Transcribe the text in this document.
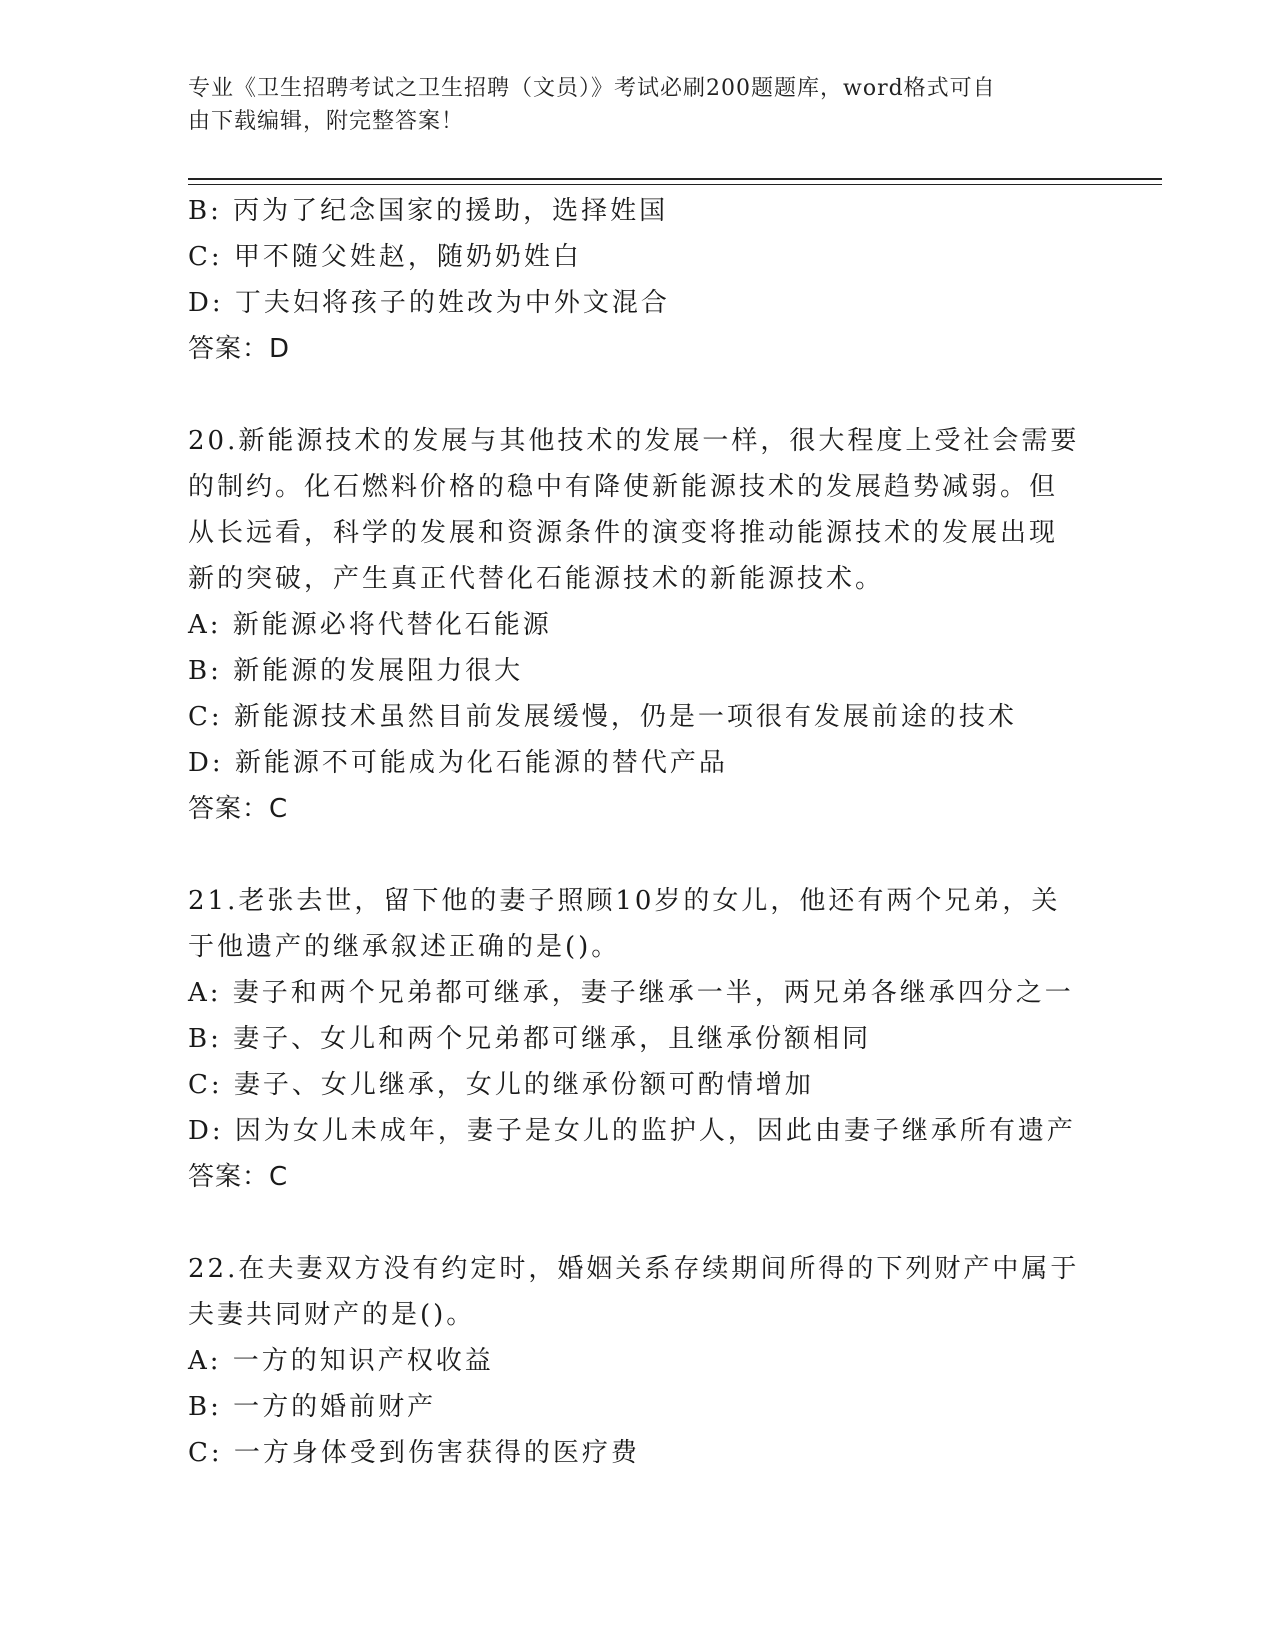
专业《卫生招聘考试之卫生招聘（文员）》考试必刷200题题库，word格式可自
由下载编辑，附完整答案！
B: 丙为了纪念国家的援助，选择姓国
C: 甲不随父姓赵，随奶奶姓白
D: 丁夫妇将孩子的姓改为中外文混合
答案：D
20.新能源技术的发展与其他技术的发展一样，很大程度上受社会需要
的制约。化石燃料价格的稳中有降使新能源技术的发展趋势减弱。但
从长远看，科学的发展和资源条件的演变将推动能源技术的发展出现
新的突破，产生真正代替化石能源技术的新能源技术。
A: 新能源必将代替化石能源
B: 新能源的发展阻力很大
C: 新能源技术虽然目前发展缓慢，仍是一项很有发展前途的技术
D: 新能源不可能成为化石能源的替代产品
答案：C
21.老张去世，留下他的妻子照顾10岁的女儿，他还有两个兄弟，关
于他遗产的继承叙述正确的是()。
A: 妻子和两个兄弟都可继承，妻子继承一半，两兄弟各继承四分之一
B: 妻子、女儿和两个兄弟都可继承，且继承份额相同
C: 妻子、女儿继承，女儿的继承份额可酌情增加
D: 因为女儿未成年，妻子是女儿的监护人，因此由妻子继承所有遗产
答案：C
22.在夫妻双方没有约定时，婚姻关系存续期间所得的下列财产中属于
夫妻共同财产的是()。
A: 一方的知识产权收益
B: 一方的婚前财产
C: 一方身体受到伤害获得的医疗费
